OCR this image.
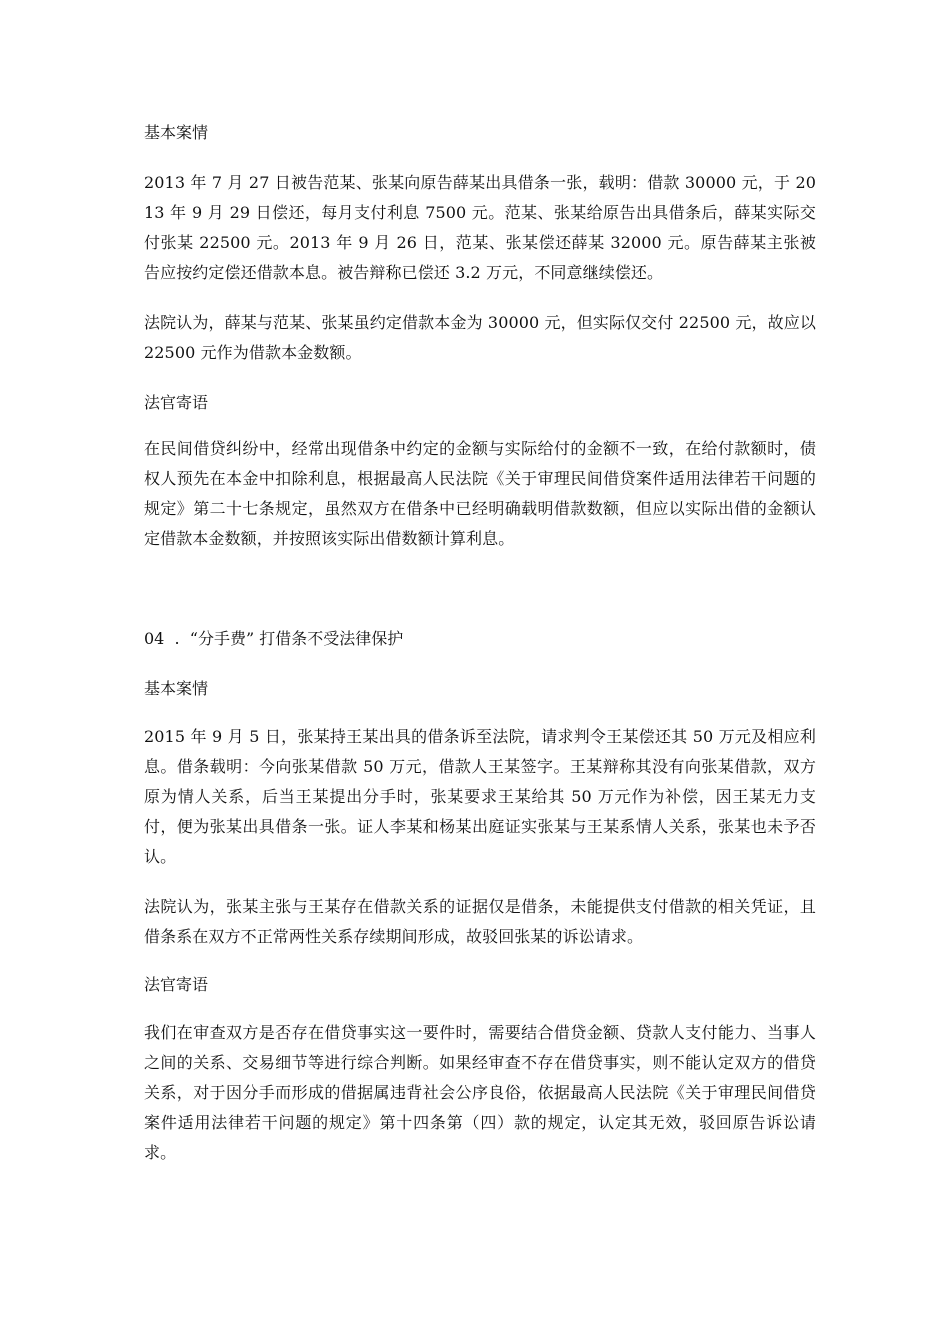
基本案情

2013 年 7 月 27 日被告范某、张某向原告薛某出具借条一张，载明：借款 30000 元，于 2013 年 9 月 29 日偿还，每月支付利息 7500 元。范某、张某给原告出具借条后，薛某实际交付张某 22500 元。2013 年 9 月 26 日，范某、张某偿还薛某 32000 元。原告薛某主张被告应按约定偿还借款本息。被告辩称已偿还 3.2 万元，不同意继续偿还。

法院认为，薛某与范某、张某虽约定借款本金为 30000 元，但实际仅交付 22500 元，故应以 22500 元作为借款本金数额。

法官寄语

在民间借贷纠纷中，经常出现借条中约定的金额与实际给付的金额不一致，在给付款额时，债权人预先在本金中扣除利息，根据最高人民法院《关于审理民间借贷案件适用法律若干问题的规定》第二十七条规定，虽然双方在借条中已经明确载明借款数额，但应以实际出借的金额认定借款本金数额，并按照该实际出借数额计算利息。

04  .  “分手费” 打借条不受法律保护

基本案情

2015 年 9 月 5 日，张某持王某出具的借条诉至法院，请求判令王某偿还其 50 万元及相应利息。借条载明：今向张某借款 50 万元，借款人王某签字。王某辩称其没有向张某借款，双方原为情人关系，后当王某提出分手时，张某要求王某给其 50 万元作为补偿，因王某无力支付，便为张某出具借条一张。证人李某和杨某出庭证实张某与王某系情人关系，张某也未予否认。

法院认为，张某主张与王某存在借款关系的证据仅是借条，未能提供支付借款的相关凭证，且借条系在双方不正常两性关系存续期间形成，故驳回张某的诉讼请求。

法官寄语

我们在审查双方是否存在借贷事实这一要件时，需要结合借贷金额、贷款人支付能力、当事人之间的关系、交易细节等进行综合判断。如果经审查不存在借贷事实，则不能认定双方的借贷关系，对于因分手而形成的借据属违背社会公序良俗，依据最高人民法院《关于审理民间借贷案件适用法律若干问题的规定》第十四条第（四）款的规定，认定其无效，驳回原告诉讼请求。
